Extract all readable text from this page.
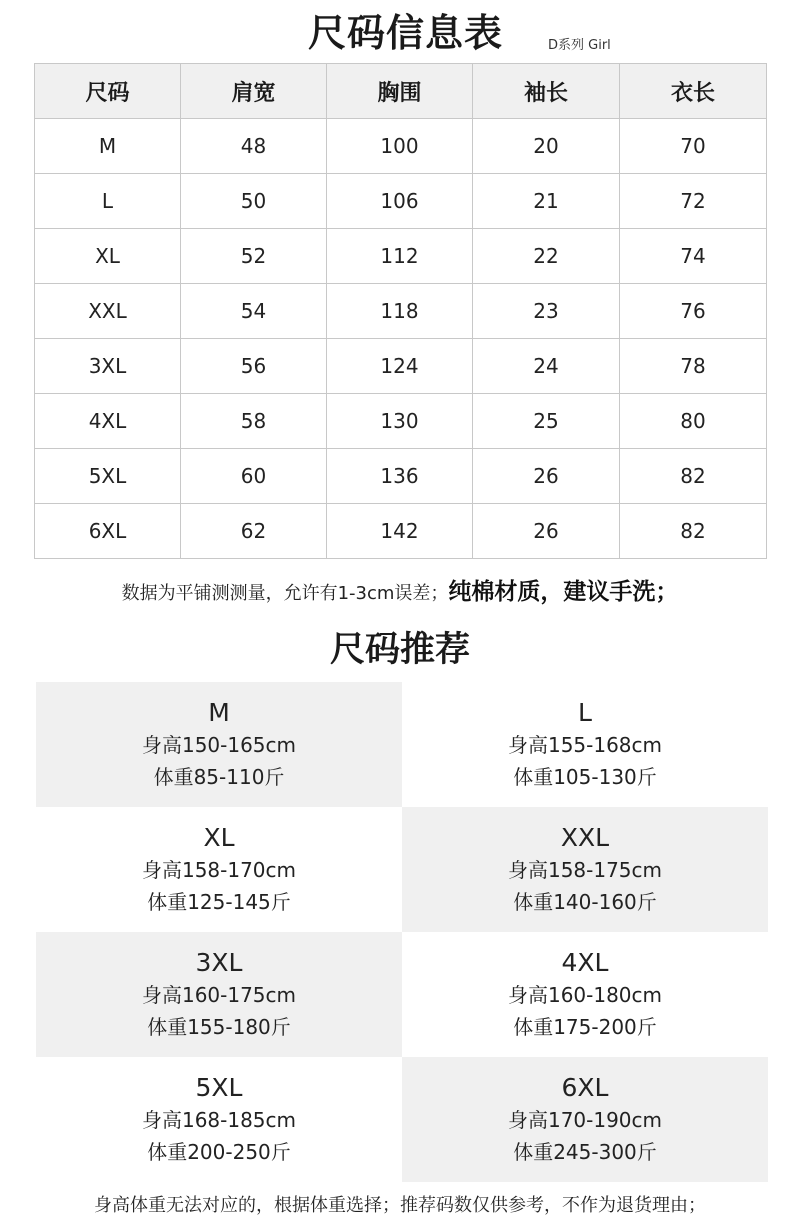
尺码信息表	D系列 Girl
尺码	肩宽	胸围	袖长	衣长
M	48	100	20	70
L	50	106	21	72
XL	52	112	22	74
XXL	54	118	23	76
3XL	56	124	24	78
4XL	58	130	25	80
5XL	60	136	26	82
6XL	62	142	26	82
数据为平铺测测量，允许有1-3cm误差；纯棉材质，建议手洗；
尺码推荐
M
身高150-165cm
体重85-110斤
L
身高155-168cm
体重105-130斤
XL
身高158-170cm
体重125-145斤
XXL
身高158-175cm
体重140-160斤
3XL
身高160-175cm
体重155-180斤
4XL
身高160-180cm
体重175-200斤
5XL
身高168-185cm
体重200-250斤
6XL
身高170-190cm
体重245-300斤
身高体重无法对应的，根据体重选择；推荐码数仅供参考，不作为退货理由；
